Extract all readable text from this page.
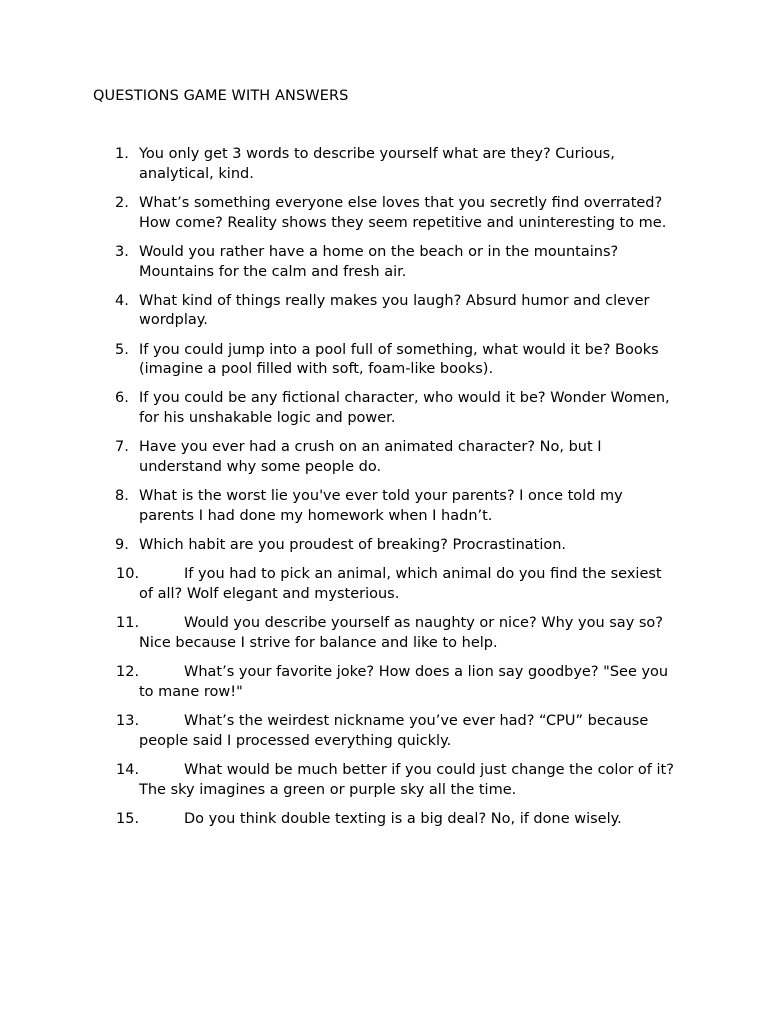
QUESTIONS GAME WITH ANSWERS
1. You only get 3 words to describe yourself what are they? Curious, analytical, kind.
2. What’s something everyone else loves that you secretly find overrated? How come? Reality shows they seem repetitive and uninteresting to me.
3. Would you rather have a home on the beach or in the mountains? Mountains for the calm and fresh air.
4. What kind of things really makes you laugh? Absurd humor and clever wordplay.
5. If you could jump into a pool full of something, what would it be? Books (imagine a pool filled with soft, foam-like books).
6. If you could be any fictional character, who would it be? Wonder Women, for his unshakable logic and power.
7. Have you ever had a crush on an animated character? No, but I understand why some people do.
8. What is the worst lie you've ever told your parents? I once told my parents I had done my homework when I hadn’t.
9. Which habit are you proudest of breaking? Procrastination.
10.	If you had to pick an animal, which animal do you find the sexiest of all? Wolf elegant and mysterious.
11.	Would you describe yourself as naughty or nice? Why you say so? Nice because I strive for balance and like to help.
12.	What’s your favorite joke? How does a lion say goodbye? "See you to mane row!"
13.	What’s the weirdest nickname you’ve ever had? “CPU” because people said I processed everything quickly.
14.	What would be much better if you could just change the color of it? The sky imagines a green or purple sky all the time.
15.	Do you think double texting is a big deal? No, if done wisely.
